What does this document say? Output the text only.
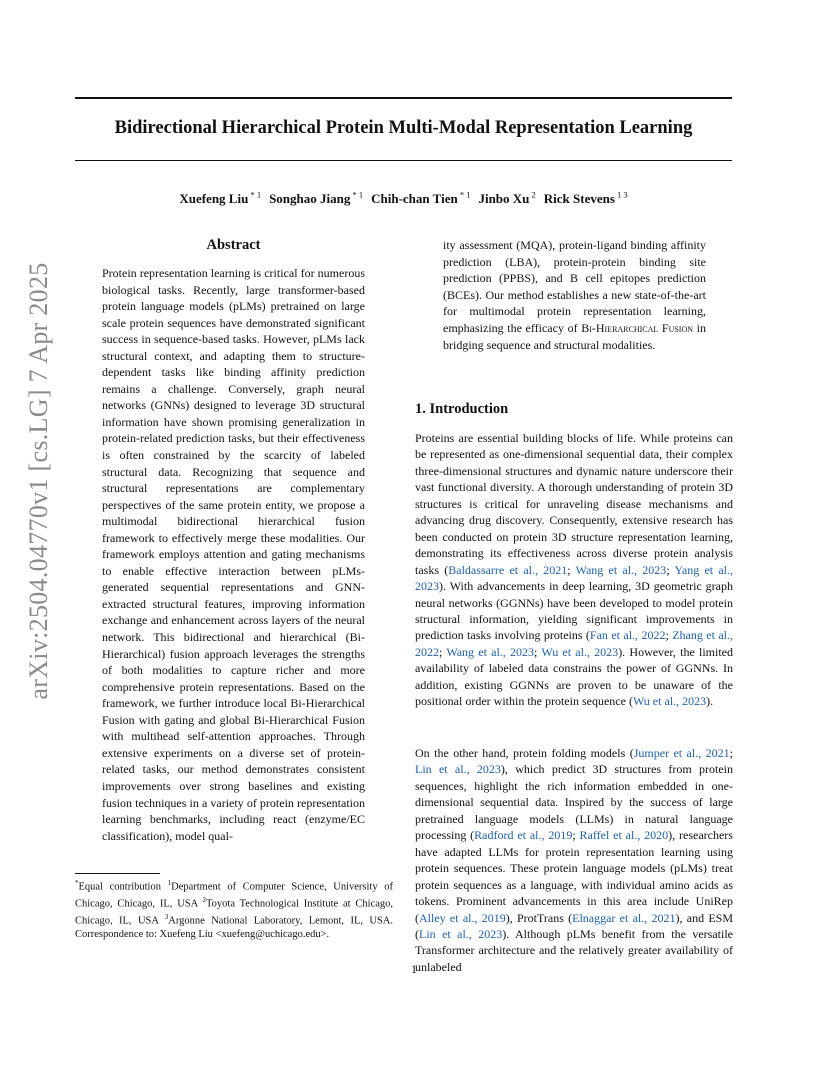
arXiv:2504.04770v1 [cs.LG] 7 Apr 2025
Bidirectional Hierarchical Protein Multi-Modal Representation Learning
Xuefeng Liu $^{* 1}$ Songhao Jiang $^{* 1}$ Chih-chan Tien $^{* 1}$ Jinbo Xu $^2$ Rick Stevens $^{1 3}$
Abstract

Protein representation learning is critical for numerous biological tasks. Recently, large transformer-based protein language models (pLMs) pretrained on large scale protein sequences have demonstrated significant success in sequence-based tasks. However, pLMs lack structural context, and adapting them to structure-dependent tasks like binding affinity prediction remains a challenge. Conversely, graph neural networks (GNNs) designed to leverage 3D structural information have shown promising generalization in protein-related prediction tasks, but their effectiveness is often constrained by the scarcity of labeled structural data. Recognizing that sequence and structural representations are complementary perspectives of the same protein entity, we propose a multimodal bidirectional hierarchical fusion framework to effectively merge these modalities. Our framework employs attention and gating mechanisms to enable effective interaction between pLMs-generated sequential representations and GNN-extracted structural features, improving information exchange and enhancement across layers of the neural network. This bidirectional and hierarchical (Bi-Hierarchical) fusion approach leverages the strengths of both modalities to capture richer and more comprehensive protein representations. Based on the framework, we further introduce local Bi-Hierarchical Fusion with gating and global Bi-Hierarchical Fusion with multihead self-attention approaches. Through extensive experiments on a diverse set of protein-related tasks, our method demonstrates consistent improvements over strong baselines and existing fusion techniques in a variety of protein representation learning benchmarks, including react (enzyme/EC classification), model qual-

ity assessment (MQA), protein-ligand binding affinity prediction (LBA), protein-protein binding site prediction (PPBS), and B cell epitopes prediction (BCEs). Our method establishes a new state-of-the-art for multimodal protein representation learning, emphasizing the efficacy of Bi-Hierarchical Fusion in bridging sequence and structural modalities.

*Equal contribution $^1$Department of Computer Science, University of Chicago, Chicago, IL, USA $^2$Toyota Technological Institute at Chicago, Chicago, IL, USA $^3$Argonne National Laboratory, Lemont, IL, USA. Correspondence to: Xuefeng Liu <xuefeng@uchicago.edu>.

1. Introduction

Proteins are essential building blocks of life. While proteins can be represented as one-dimensional sequential data, their complex three-dimensional structures and dynamic nature underscore their vast functional diversity. A thorough understanding of protein 3D structures is critical for unraveling disease mechanisms and advancing drug discovery. Consequently, extensive research has been conducted on protein 3D structure representation learning, demonstrating its effectiveness across diverse protein analysis tasks (Baldassarre et al., 2021; Wang et al., 2023; Yang et al., 2023). With advancements in deep learning, 3D geometric graph neural networks (GGNNs) have been developed to model protein structural information, yielding significant improvements in prediction tasks involving proteins (Fan et al., 2022; Zhang et al., 2022; Wang et al., 2023; Wu et al., 2023). However, the limited availability of labeled data constrains the power of GGNNs. In addition, existing GGNNs are proven to be unaware of the positional order within the protein sequence (Wu et al., 2023).

On the other hand, protein folding models (Jumper et al., 2021; Lin et al., 2023), which predict 3D structures from protein sequences, highlight the rich information embedded in one-dimensional sequential data. Inspired by the success of large pretrained language models (LLMs) in natural language processing (Radford et al., 2019; Raffel et al., 2020), researchers have adapted LLMs for protein representation learning using protein sequences. These protein language models (pLMs) treat protein sequences as a language, with individual amino acids as tokens. Prominent advancements in this area include UniRep (Alley et al., 2019), ProtTrans (Elnaggar et al., 2021), and ESM (Lin et al., 2023). Although pLMs benefit from the versatile Transformer architecture and the relatively greater availability of unlabeled

1
